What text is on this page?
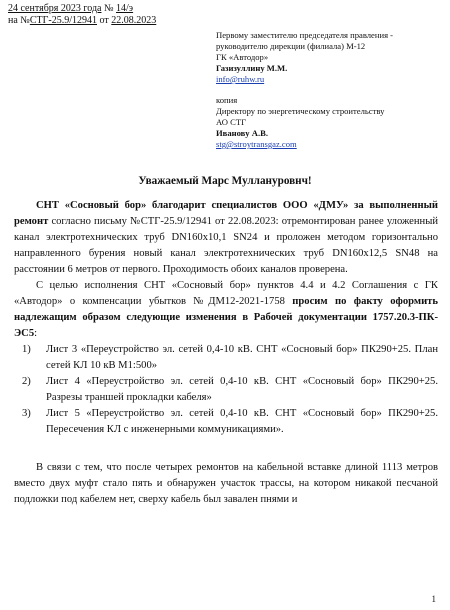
24 сентября 2023 года № 14/э
на №СТГ-25.9/12941 от 22.08.2023
Первому заместителю председателя правления -
руководителю дирекции (филиала) М-12
ГК «Автодор»
Газизуллину М.М.
info@ruhw.ru
копия
Директору по энергетическому строительству
АО СТГ
Ивановy А.В.
stg@stroytransgaz.com
Уважаемый Марс Муллануровнч!

СНТ «Сосновый бор» благодарит специалистов ООО «ДМУ» за выполненный ремонт согласно письму №СТГ-25.9/12941 от 22.08.2023: отремонтирован ранее уложенный канал электротехнических труб DN160x10,1 SN24 и проложен методом горизонтально направленного бурения новый канал электротехнических труб DN160x12,5 SN48 на расстоянии 6 метров от первого. Проходимость обоих каналов проверена.

С целью исполнения СНТ «Сосновый бор» пунктов 4.4 и 4.2 Соглашения с ГК «Автодор» о компенсации убытков №ДМ12-2021-1758 просим по факту оформить надлежащим образом следующие изменения в Рабочей документации 1757.20.3-ПК-ЭС5:

1) Лист 3 «Переустройство эл. сетей 0,4-10 кВ. СНТ «Сосновый бор» ПК290+25. План сетей КЛ 10 кВ М1:500»
2) Лист 4 «Переустройство эл. сетей 0,4-10 кВ. СНТ «Сосновый бор» ПК290+25. Разрезы траншей прокладки кабеля»
3) Лист 5 «Переустройство эл. сетей 0,4-10 кВ. СНТ «Сосновый бор» ПК290+25. Пересечения КЛ с инженерными коммуникациями».

В связи с тем, что после четырех ремонтов на кабельной вставке длиной 1113 метров вместо двух муфт стало пять и обнаружен участок трассы, на котором никакой песчаной подложки под кабелем нет, сверху кабель был завален пнями и

1
